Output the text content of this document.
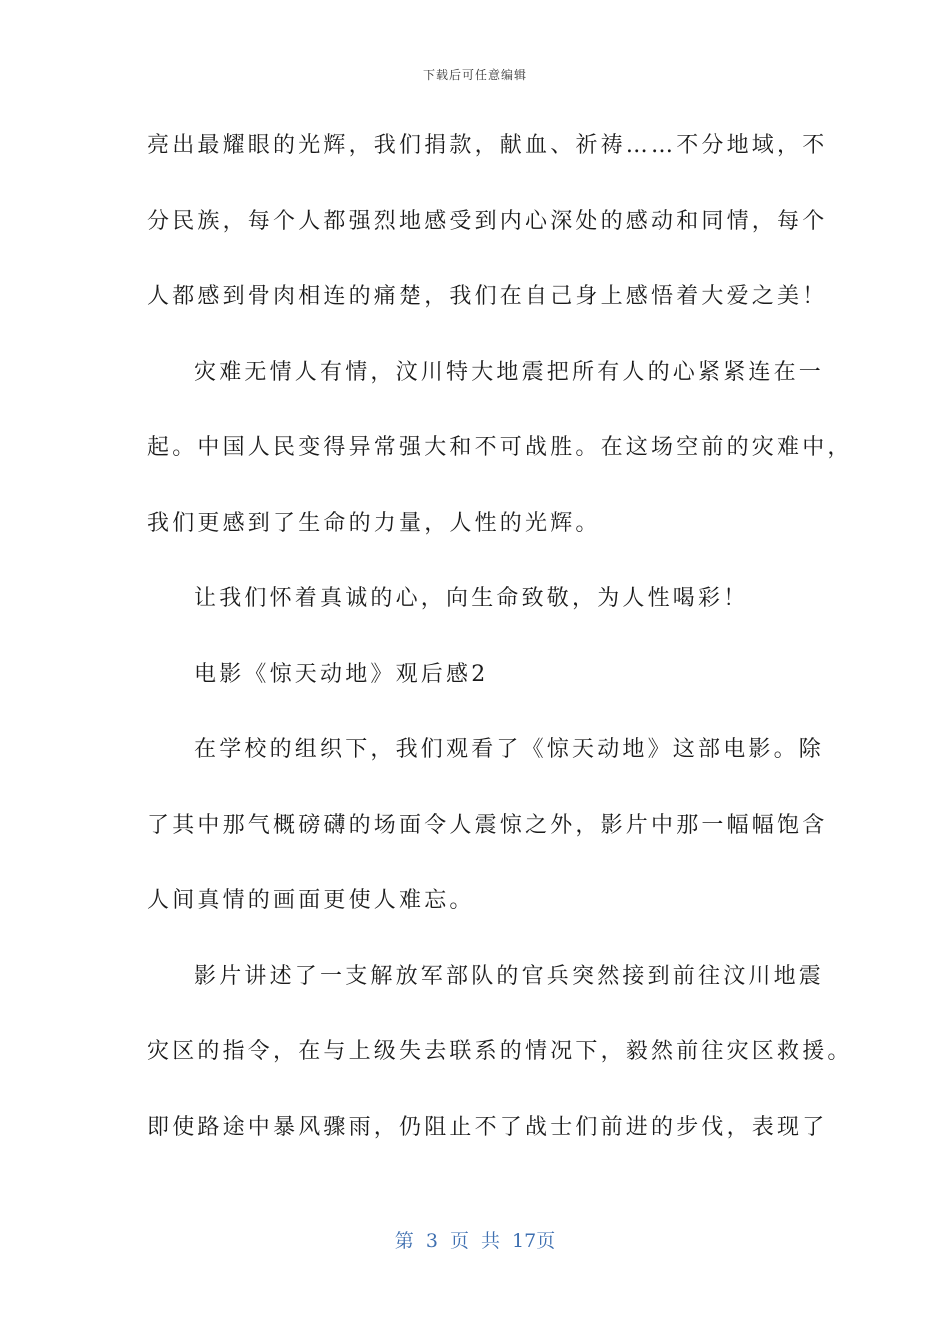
下载后可任意编辑
亮出最耀眼的光辉，我们捐款，献血、祈祷……不分地域，不
分民族，每个人都强烈地感受到内心深处的感动和同情，每个
人都感到骨肉相连的痛楚，我们在自己身上感悟着大爱之美！
灾难无情人有情，汶川特大地震把所有人的心紧紧连在一
起。中国人民变得异常强大和不可战胜。在这场空前的灾难中，
我们更感到了生命的力量，人性的光辉。
让我们怀着真诚的心，向生命致敬，为人性喝彩！
电影《惊天动地》观后感2
在学校的组织下，我们观看了《惊天动地》这部电影。除
了其中那气概磅礴的场面令人震惊之外，影片中那一幅幅饱含
人间真情的画面更使人难忘。
影片讲述了一支解放军部队的官兵突然接到前往汶川地震
灾区的指令，在与上级失去联系的情况下，毅然前往灾区救援。
即使路途中暴风骤雨，仍阻止不了战士们前进的步伐，表现了
第 3 页 共 17页
